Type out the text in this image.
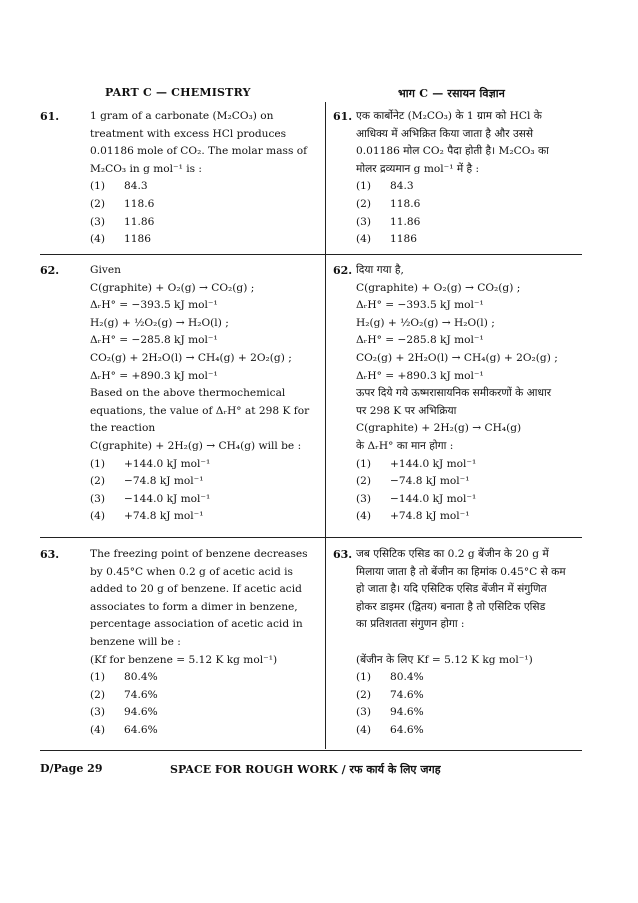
PART C — CHEMISTRY	भाग C — रसायन विज्ञान
61.	1 gram of a carbonate (M₂CO₃) on
treatment with excess HCl produces
0.01186 mole of CO₂. The molar mass of
M₂CO₃ in g mol⁻¹ is :
(1) 84.3
(2) 118.6
(3) 11.86
(4) 1186
61. एक कार्बोनेट (M₂CO₃) के 1 ग्राम को HCl के
आधिक्य में अभिक्रित किया जाता है और उससे
0.01186 मोल CO₂ पैदा होती है। M₂CO₃ का
मोलर द्रव्यमान g mol⁻¹ में है :
(1) 84.3
(2) 118.6
(3) 11.86
(4) 1186
62.	Given
C(graphite) + O₂(g) → CO₂(g) ;
ΔᵣH° = −393.5 kJ mol⁻¹
H₂(g) + ½O₂(g) → H₂O(l) ;
ΔᵣH° = −285.8 kJ mol⁻¹
CO₂(g) + 2H₂O(l) → CH₄(g) + 2O₂(g) ;
ΔᵣH° = +890.3 kJ mol⁻¹
Based on the above thermochemical
equations, the value of ΔᵣH° at 298 K for
the reaction
C(graphite) + 2H₂(g) → CH₄(g) will be :
(1) +144.0 kJ mol⁻¹
(2) −74.8 kJ mol⁻¹
(3) −144.0 kJ mol⁻¹
(4) +74.8 kJ mol⁻¹
62. दिया गया है,
C(graphite) + O₂(g) → CO₂(g) ;
ΔᵣH° = −393.5 kJ mol⁻¹
H₂(g) + ½O₂(g) → H₂O(l) ;
ΔᵣH° = −285.8 kJ mol⁻¹
CO₂(g) + 2H₂O(l) → CH₄(g) + 2O₂(g) ;
ΔᵣH° = +890.3 kJ mol⁻¹
ऊपर दिये गये ऊष्मरासायनिक समीकरणों के आधार
पर 298 K पर अभिक्रिया
C(graphite) + 2H₂(g) → CH₄(g)
के ΔᵣH° का मान होगा :
(1) +144.0 kJ mol⁻¹
(2) −74.8 kJ mol⁻¹
(3) −144.0 kJ mol⁻¹
(4) +74.8 kJ mol⁻¹
63.	The freezing point of benzene decreases
by 0.45°C when 0.2 g of acetic acid is
added to 20 g of benzene. If acetic acid
associates to form a dimer in benzene,
percentage association of acetic acid in
benzene will be :
(Kf for benzene = 5.12 K kg mol⁻¹)
(1) 80.4%
(2) 74.6%
(3) 94.6%
(4) 64.6%
63. जब एसिटिक एसिड का 0.2 g बेंजीन के 20 g में
मिलाया जाता है तो बेंजीन का हिमांक 0.45°C से कम
हो जाता है। यदि एसिटिक एसिड बेंजीन में संगुणित
होकर डाइमर (द्वितय) बनाता है तो एसिटिक एसिड
का प्रतिशतता संगुणन होगा :

(बेंजीन के लिए Kf = 5.12 K kg mol⁻¹)
(1) 80.4%
(2) 74.6%
(3) 94.6%
(4) 64.6%
D/Page 29	SPACE FOR ROUGH WORK / रफ कार्य के लिए जगह
